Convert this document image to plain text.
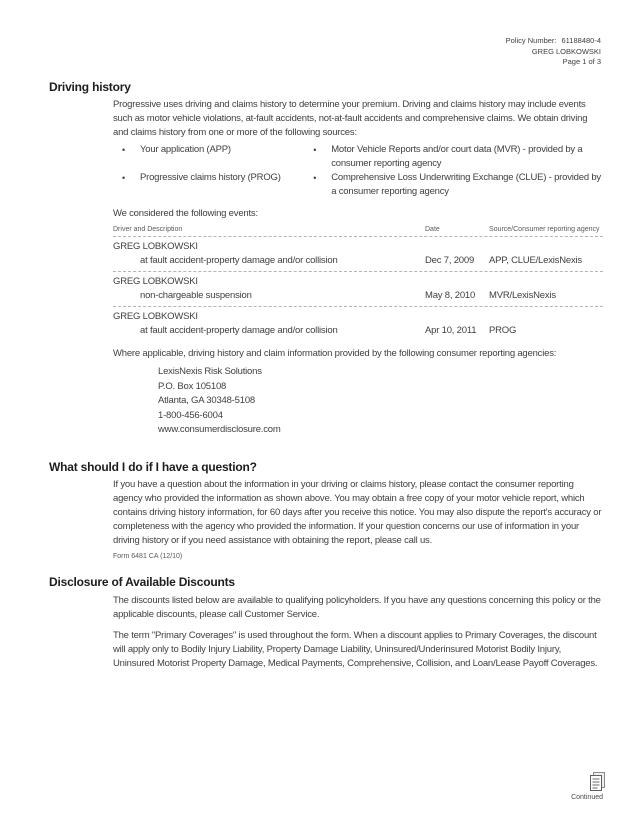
Policy Number: 61188480-4
GREG LOBKOWSKI
Page 1 of 3
Driving history
Progressive uses driving and claims history to determine your premium. Driving and claims history may include events such as motor vehicle violations, at-fault accidents, not-at-fault accidents and comprehensive claims. We obtain driving and claims history from one or more of the following sources:
•	Your application (APP)
•	Progressive claims history (PROG)
•	Motor Vehicle Reports and/or court data (MVR) - provided by a consumer reporting agency
•	Comprehensive Loss Underwriting Exchange (CLUE) - provided by a consumer reporting agency
We considered the following events:
Driver and Description	Date	Source/Consumer reporting agency
GREG LOBKOWSKI
at fault accident-property damage and/or collision	Dec 7, 2009	APP, CLUE/LexisNexis
GREG LOBKOWSKI
non-chargeable suspension	May 8, 2010	MVR/LexisNexis
GREG LOBKOWSKI
at fault accident-property damage and/or collision	Apr 10, 2011	PROG
Where applicable, driving history and claim information provided by the following consumer reporting agencies:
LexisNexis Risk Solutions
P.O. Box 105108
Atlanta, GA 30348-5108
1-800-456-6004
www.consumerdisclosure.com
What should I do if I have a question?
If you have a question about the information in your driving or claims history, please contact the consumer reporting agency who provided the information as shown above. You may obtain a free copy of your motor vehicle report, which contains driving history information, for 60 days after you receive this notice. You may also dispute the report's accuracy or completeness with the agency who provided the information. If your question concerns our use of information in your driving history or if you need assistance with obtaining the report, please call us.
Form 6481 CA (12/10)
Disclosure of Available Discounts
The discounts listed below are available to qualifying policyholders. If you have any questions concerning this policy or the applicable discounts, please call Customer Service.
The term "Primary Coverages" is used throughout the form. When a discount applies to Primary Coverages, the discount will apply only to Bodily Injury Liability, Property Damage Liability, Uninsured/Underinsured Motorist Bodily Injury, Uninsured Motorist Property Damage, Medical Payments, Comprehensive, Collision, and Loan/Lease Payoff Coverages.
Continued
